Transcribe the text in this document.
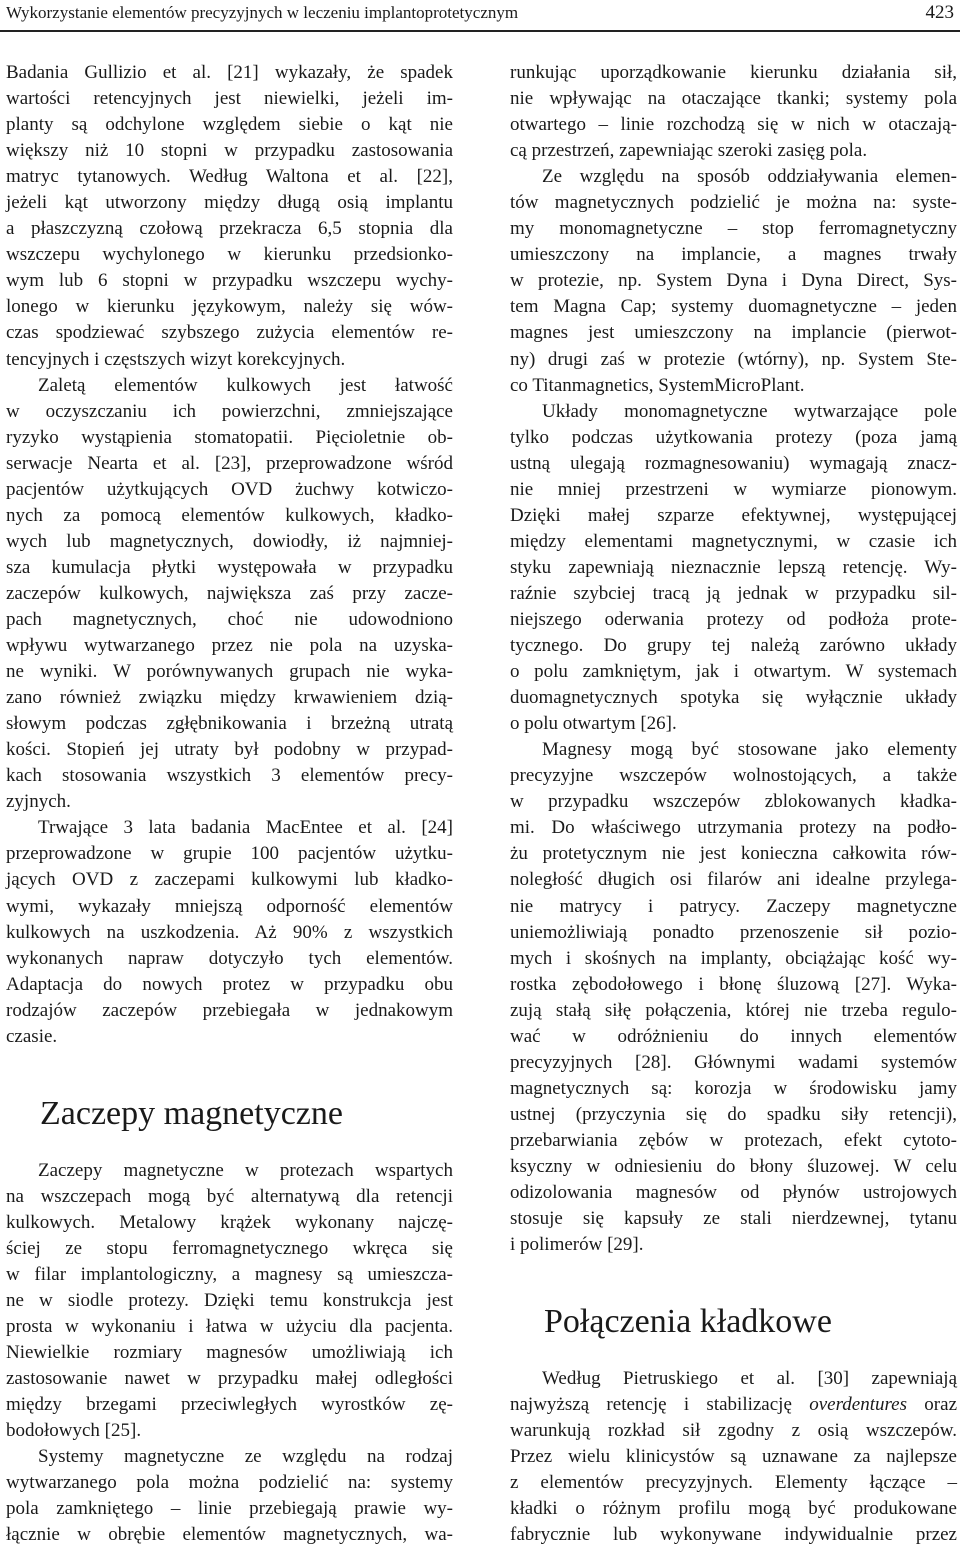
Wykorzystanie elementów precyzyjnych w leczeniu implantoprotetycznym	423
Badania Gullizio et al. [21] wykazały, że spadek
wartości retencyjnych jest niewielki, jeżeli im-
planty są odchylone względem siebie o kąt nie
większy niż 10 stopni w przypadku zastosowania
matryc tytanowych. Według Waltona et al. [22],
jeżeli kąt utworzony między długą osią implantu
a płaszczyzną czołową przekracza 6,5 stopnia dla
wszczepu wychylonego w kierunku przedsionko-
wym lub 6 stopni w przypadku wszczepu wychy-
lonego w kierunku językowym, należy się wów-
czas spodziewać szybszego zużycia elementów re-
tencyjnych i częstszych wizyt korekcyjnych.
Zaletą elementów kulkowych jest łatwość
w oczyszczaniu ich powierzchni, zmniejszające
ryzyko wystąpienia stomatopatii. Pięcioletnie ob-
serwacje Nearta et al. [23], przeprowadzone wśród
pacjentów użytkujących OVD żuchwy kotwiczo-
nych za pomocą elementów kulkowych, kładko-
wych lub magnetycznych, dowiodły, iż najmniej-
sza kumulacja płytki występowała w przypadku
zaczepów kulkowych, największa zaś przy zacze-
pach magnetycznych, choć nie udowodniono
wpływu wytwarzanego przez nie pola na uzyska-
ne wyniki. W porównywanych grupach nie wyka-
zano również związku między krwawieniem dzią-
słowym podczas zgłębnikowania i brzeżną utratą
kości. Stopień jej utraty był podobny w przypad-
kach stosowania wszystkich 3 elementów precy-
zyjnych.
Trwające 3 lata badania MacEntee et al. [24]
przeprowadzone w grupie 100 pacjentów użytku-
jących OVD z zaczepami kulkowymi lub kładko-
wymi, wykazały mniejszą odporność elementów
kulkowych na uszkodzenia. Aż 90% z wszystkich
wykonanych napraw dotyczyło tych elementów.
Adaptacja do nowych protez w przypadku obu
rodzajów zaczepów przebiegała w jednakowym
czasie.
Zaczepy magnetyczne
Zaczepy magnetyczne w protezach wspartych
na wszczepach mogą być alternatywą dla retencji
kulkowych. Metalowy krążek wykonany najczę-
ściej ze stopu ferromagnetycznego wkręca się
w filar implantologiczny, a magnesy są umieszcza-
ne w siodle protezy. Dzięki temu konstrukcja jest
prosta w wykonaniu i łatwa w użyciu dla pacjenta.
Niewielkie rozmiary magnesów umożliwiają ich
zastosowanie nawet w przypadku małej odległości
między brzegami przeciwległych wyrostków zę-
bodołowych [25].
Systemy magnetyczne ze względu na rodzaj
wytwarzanego pola można podzielić na: systemy
pola zamkniętego – linie przebiegają prawie wy-
łącznie w obrębie elementów magnetycznych, wa-
runkując uporządkowanie kierunku działania sił,
nie wpływając na otaczające tkanki; systemy pola
otwartego – linie rozchodzą się w nich w otaczają-
cą przestrzeń, zapewniając szeroki zasięg pola.
Ze względu na sposób oddziaływania elemen-
tów magnetycznych podzielić je można na: syste-
my monomagnetyczne – stop ferromagnetyczny
umieszczony na implancie, a magnes trwały
w protezie, np. System Dyna i Dyna Direct, Sys-
tem Magna Cap; systemy duomagnetyczne – jeden
magnes jest umieszczony na implancie (pierwot-
ny) drugi zaś w protezie (wtórny), np. System Ste-
co Titanmagnetics, SystemMicroPlant.
Układy monomagnetyczne wytwarzające pole
tylko podczas użytkowania protezy (poza jamą
ustną ulegają rozmagnesowaniu) wymagają znacz-
nie mniej przestrzeni w wymiarze pionowym.
Dzięki małej szparze efektywnej, występującej
między elementami magnetycznymi, w czasie ich
styku zapewniają nieznacznie lepszą retencję. Wy-
raźnie szybciej tracą ją jednak w przypadku sil-
niejszego oderwania protezy od podłoża prote-
tycznego. Do grupy tej należą zarówno układy
o polu zamkniętym, jak i otwartym. W systemach
duomagnetycznych spotyka się wyłącznie układy
o polu otwartym [26].
Magnesy mogą być stosowane jako elementy
precyzyjne wszczepów wolnostojących, a także
w przypadku wszczepów zblokowanych kładka-
mi. Do właściwego utrzymania protezy na podło-
żu protetycznym nie jest konieczna całkowita rów-
noległość długich osi filarów ani idealne przylega-
nie matrycy i patrycy. Zaczepy magnetyczne
uniemożliwiają ponadto przenoszenie sił pozio-
mych i skośnych na implanty, obciążając kość wy-
rostka zębodołowego i błonę śluzową [27]. Wyka-
zują stałą siłę połączenia, której nie trzeba regulo-
wać w odróżnieniu do innych elementów
precyzyjnych [28]. Głównymi wadami systemów
magnetycznych są: korozja w środowisku jamy
ustnej (przyczynia się do spadku siły retencji),
przebarwiania zębów w protezach, efekt cytoto-
ksyczny w odniesieniu do błony śluzowej. W celu
odizolowania magnesów od płynów ustrojowych
stosuje się kapsuły ze stali nierdzewnej, tytanu
i polimerów [29].
Połączenia kładkowe
Według Pietruskiego et al. [30] zapewniają
najwyższą retencję i stabilizację overdentures oraz
warunkują rozkład sił zgodny z osią wszczepów.
Przez wielu klinicystów są uznawane za najlepsze
z elementów precyzyjnych. Elementy łączące –
kładki o różnym profilu mogą być produkowane
fabrycznie lub wykonywane indywidualnie przez
